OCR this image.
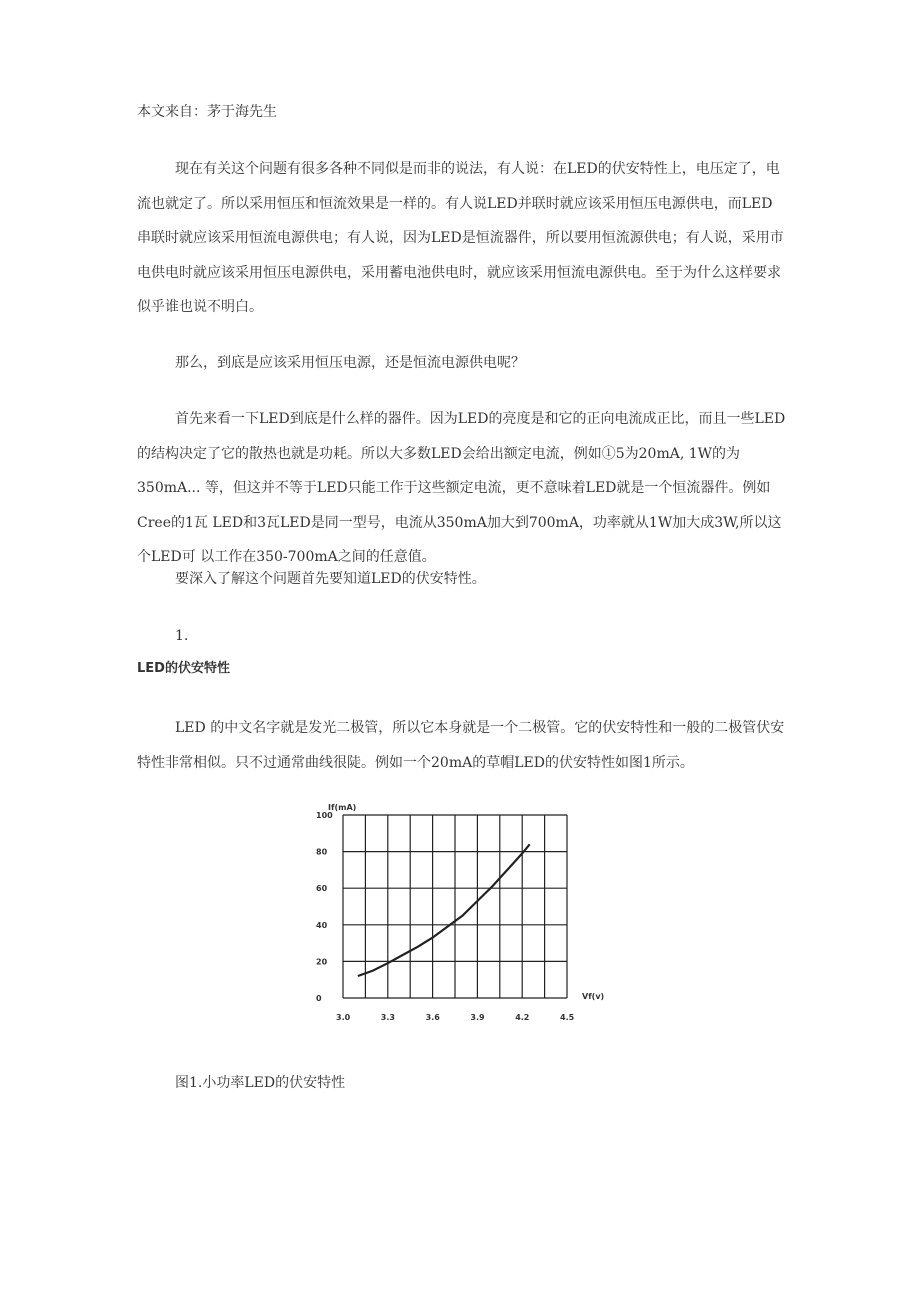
本文来自：茅于海先生

现在有关这个问题有很多各种不同似是而非的说法，有人说：在LED的伏安特性上，电压定了，电 流也就定了。所以采用恒压和恒流效果是一样的。有人说LED并联时就应该采用恒压电源供电，而LED 串联时就应该采用恒流电源供电；有人说，因为LED是恒流器件，所以要用恒流源供电；有人说，采用市 电供电时就应该采用恒压电源供电，采用蓄电池供电时，就应该采用恒流电源供电。至于为什么这样要求 似乎谁也说不明白。

那么，到底是应该采用恒压电源，还是恒流电源供电呢？

首先来看一下LED到底是什么样的器件。因为LED的亮度是和它的正向电流成正比，而且一些LED 的结构决定了它的散热也就是功耗。所以大多数LED会给出额定电流，例如①5为20mA, 1W的为350mA... 等，但这并不等于LED只能工作于这些额定电流，更不意味着LED就是一个恒流器件。例如Cree的1瓦 LED和3瓦LED是同一型号，电流从350mA加大到700mA，功率就从1W加大成3W,所以这个LED可 以工作在350-700mA之间的任意值。

要深入了解这个问题首先要知道LED的伏安特性。

1.

LED的伏安特性

LED 的中文名字就是发光二极管，所以它本身就是一个二极管。它的伏安特性和一般的二极管伏安 特性非常相似。只不过通常曲线很陡。例如一个20mA的草帽LED的伏安特性如图1所示。

100
80
60
40
20
0
3.0	3.3	3.6	3.9	4.2	4.5
If(mA)
Vf(v)
图1.小功率LED的伏安特性
